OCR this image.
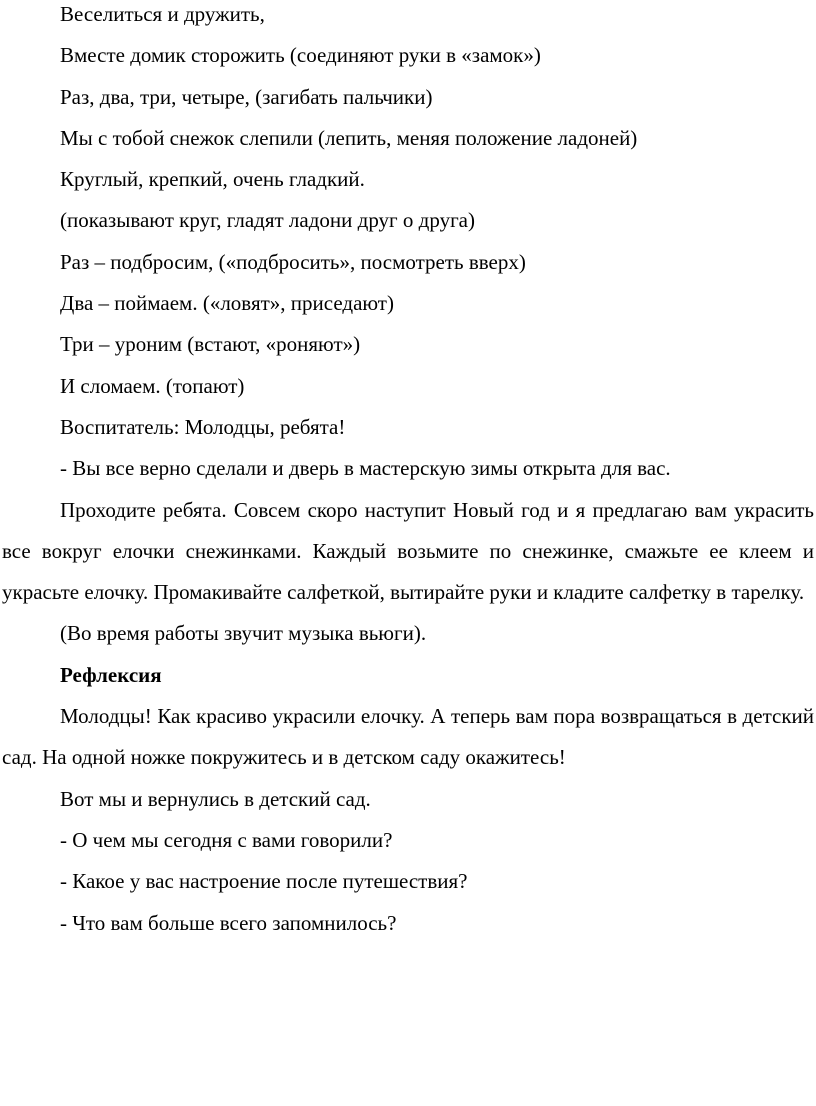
Веселиться и дружить,

Вместе домик сторожить (соединяют руки в «замок»)

Раз, два, три, четыре, (загибать пальчики)

Мы с тобой снежок слепили (лепить, меняя положение ладоней)

Круглый, крепкий, очень гладкий.

(показывают круг, гладят ладони друг о друга)

Раз – подбросим, («подбросить», посмотреть вверх)

Два – поймаем. («ловят», приседают)

Три – уроним (встают, «роняют»)

И сломаем. (топают)

Воспитатель: Молодцы, ребята!

- Вы все верно сделали и дверь в мастерскую зимы открыта для вас.

Проходите ребята. Совсем скоро наступит Новый год и я предлагаю вам украсить все вокруг елочки снежинками. Каждый возьмите по снежинке, смажьте ее клеем и украсьте елочку. Промакивайте салфеткой, вытирайте руки и кладите салфетку в тарелку.

(Во время работы звучит музыка вьюги).

Рефлексия

Молодцы! Как красиво украсили елочку. А теперь вам пора возвращаться в детский сад. На одной ножке покружитесь и в детском саду окажитесь!

Вот мы и вернулись в детский сад.

- О чем мы сегодня с вами говорили?

- Какое у вас настроение после путешествия?

- Что вам больше всего запомнилось?
